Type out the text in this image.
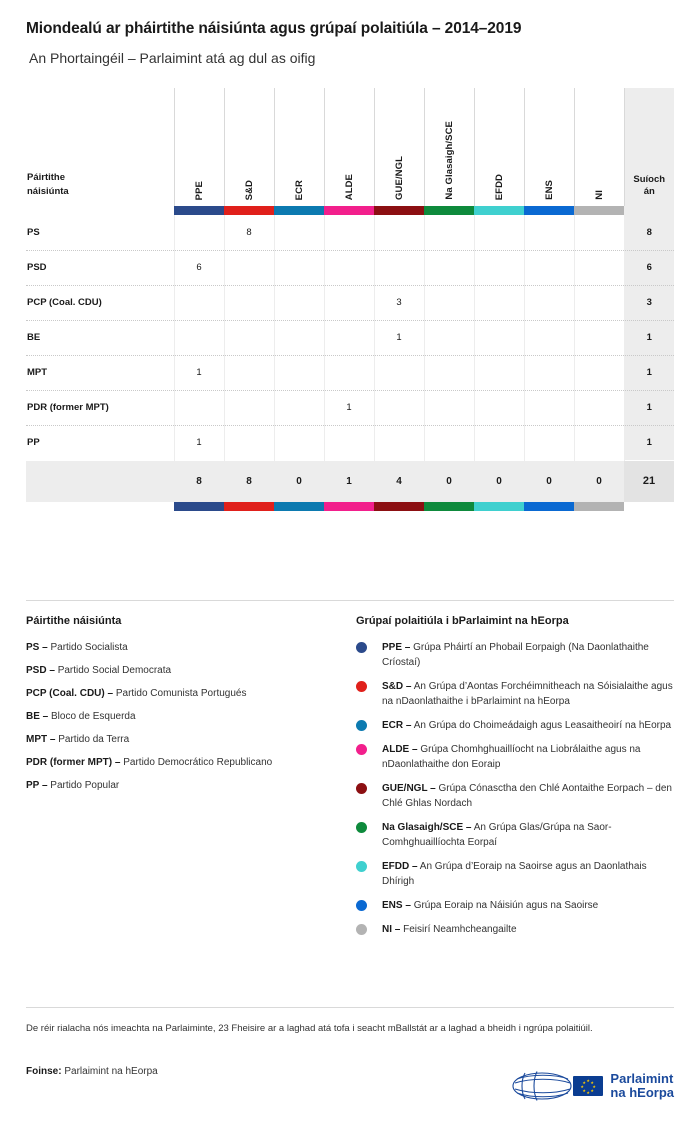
Miondealú ar pháirtithe náisiúnta agus grúpaí polaitiúla – 2014–2019

An Phortaingéil – Parlaimint atá ag dul as oifig

Páirtithe
náisiúnta	PPE	S&D	ECR	ALDE	GUE/NGL	Na Glasaigh/SCE	EFDD	ENS	NI	
Suíoch
án

PS		8								8
PSD	6									6
PCP (Coal. CDU)					3					3
BE					1					1
MPT	1									1
PDR (former MPT)				1						1
PP	1									1
	8	8	0	1	4	0	0	0	0	21

Páirtithe náisiúnta
PS – Partido Socialista
PSD – Partido Social Democrata
PCP (Coal. CDU) – Partido Comunista Portugués
BE – Bloco de Esquerda
MPT – Partido da Terra
PDR (former MPT) – Partido Democrático Republicano
PP – Partido Popular
Grúpaí polaitiúla i bParlaimint na hEorpa
PPE – Grúpa Pháirtí an Phobail Eorpaigh (Na Daonlathaithe Críostaí)
S&D – An Grúpa d’Aontas Forchéimnitheach na Sóisialaithe agus na nDaonlathaithe i bParlaimint na hEorpa
ECR – An Grúpa do Choimeádaigh agus Leasaitheoirí na hEorpa
ALDE – Grúpa Chomhghuaillíocht na Liobrálaithe agus na nDaonlathaithe don Eoraip
GUE/NGL – Grúpa Cónasctha den Chlé Aontaithe Eorpach – den Chlé Ghlas Nordach
Na Glasaigh/SCE – An Grúpa Glas/Grúpa na Saor-Comhghuaillíochta Eorpaí
EFDD – An Grúpa d’Eoraip na Saoirse agus an Daonlathais Dhírigh
ENS – Grúpa Eoraip na Náisiún agus na Saoirse
NI – Feisirí Neamhcheangailte
De réir rialacha nós imeachta na Parlaiminte, 23 Fheisire ar a laghad atá tofa i seacht mBallstát ar a laghad a bheidh i ngrúpa polaitiúil.
Foinse: Parlaimint na hEorpa
★ ★
★
★
★
★
★
★ Parlaimint
na hEorpa
